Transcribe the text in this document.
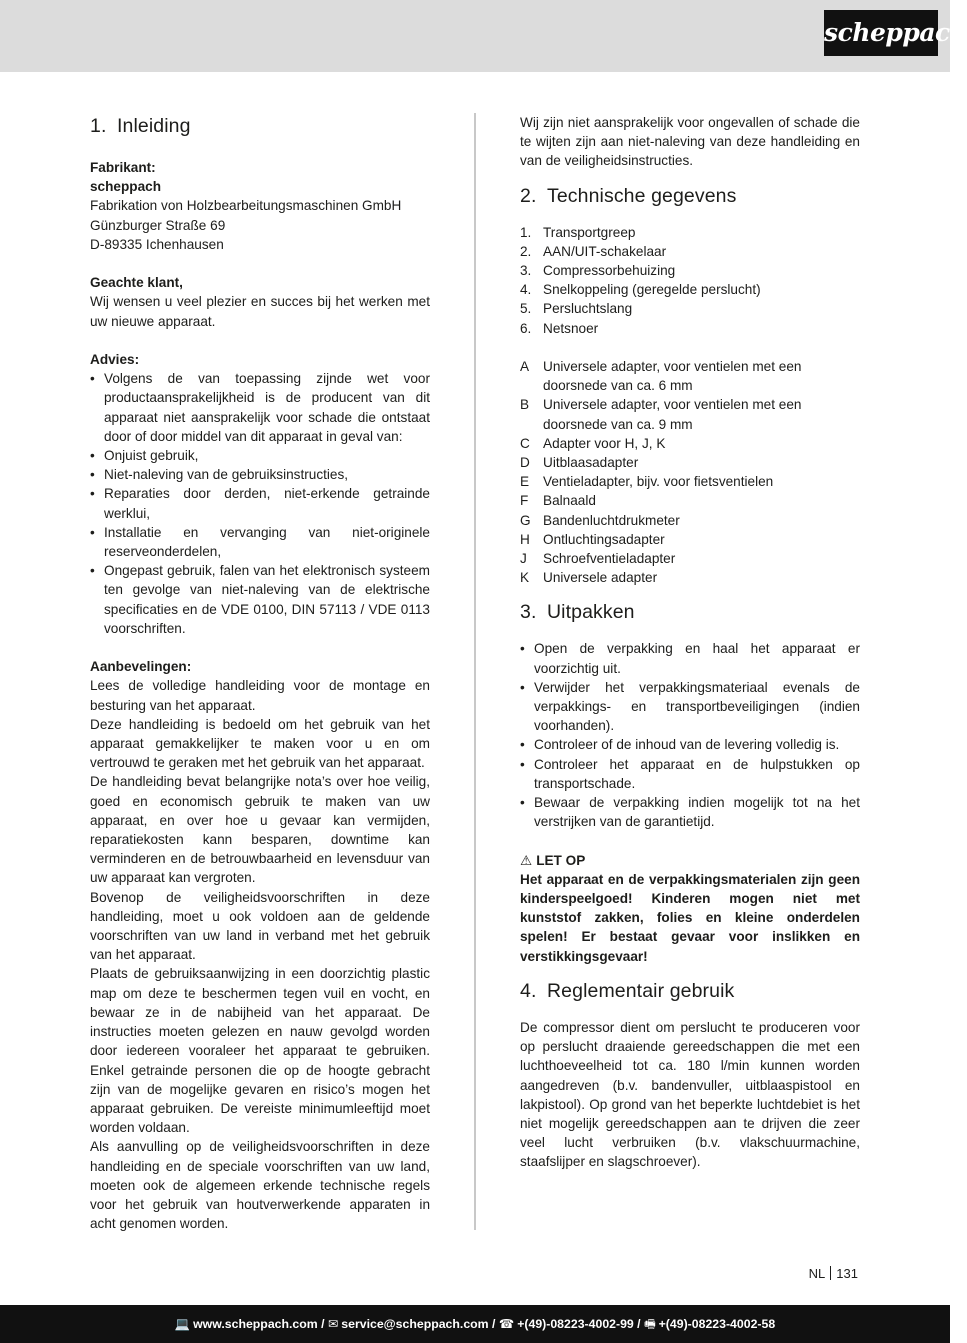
scheppach
1. Inleiding

Fabrikant:

scheppach

Fabrikation von Holzbearbeitungsmaschinen GmbH

Günzburger Straße 69

D-89335 Ichenhausen

Geachte klant,

Wij wensen u veel plezier en succes bij het werken met uw nieuwe apparaat.

Advies:

• Volgens de van toepassing zijnde wet voor productaansprakelijkheid is de producent van dit apparaat niet aansprakelijk voor schade die ontstaat door of door middel van dit apparaat in geval van:
• Onjuist gebruik,
• Niet-naleving van de gebruiksinstructies,
• Reparaties door derden, niet-erkende getrainde werklui,
• Installatie en vervanging van niet-originele reserveonderdelen,
• Ongepast gebruik, falen van het elektronisch systeem ten gevolge van niet-naleving van de elektrische specificaties en de VDE 0100, DIN 57113 / VDE 0113 voorschriften.

Aanbevelingen:

Lees de volledige handleiding voor de montage en besturing van het apparaat.

Deze handleiding is bedoeld om het gebruik van het apparaat gemakkelijker te maken voor u en om vertrouwd te geraken met het gebruik van het apparaat.

De handleiding bevat belangrijke nota’s over hoe veilig, goed en economisch gebruik te maken van uw apparaat, en over hoe u gevaar kan vermijden, reparatiekosten kann besparen, downtime kan verminderen en de betrouwbaarheid en levensduur van uw apparaat kan vergroten.

Bovenop de veiligheidsvoorschriften in deze handleiding, moet u ook voldoen aan de geldende voorschriften van uw land in verband met het gebruik van het apparaat.

Plaats de gebruiksaanwijzing in een doorzichtig plastic map om deze te beschermen tegen vuil en vocht, en bewaar ze in de nabijheid van het apparaat. De instructies moeten gelezen en nauw gevolgd worden door iedereen vooraleer het apparaat te gebruiken. Enkel getrainde personen die op de hoogte gebracht zijn van de mogelijke gevaren en risico’s mogen het apparaat gebruiken. De vereiste minimumleeftijd moet worden voldaan.

Als aanvulling op de veiligheidsvoorschriften in deze handleiding en de speciale voorschriften van uw land, moeten ook de algemeen erkende technische regels voor het gebruik van houtverwerkende apparaten in acht genomen worden.

Wij zijn niet aansprakelijk voor ongevallen of schade die te wijten zijn aan niet-naleving van deze handleiding en van de veiligheidsinstructies.

2. Technische gegevens
1. Transportgreep
2. AAN/UIT-schakelaar
3. Compressorbehuizing
4. Snelkoppeling (geregelde perslucht)
5. Persluchtslang
6. Netsnoer
A Universele adapter, voor ventielen met een doorsnede van ca. 6 mm
B Universele adapter, voor ventielen met een doorsnede van ca. 9 mm
C Adapter voor H, J, K
D Uitblaasadapter
E Ventieladapter, bijv. voor fietsventielen
F Balnaald
G Bandenluchtdrukmeter
H Ontluchtingsadapter
J Schroefventieladapter
K Universele adapter
3. Uitpakken
• Open de verpakking en haal het apparaat er voorzichtig uit.
• Verwijder het verpakkingsmateriaal evenals de verpakkings- en transportbeveiligingen (indien voorhanden).
• Controleer of de inhoud van de levering volledig is.
• Controleer het apparaat en de hulpstukken op transportschade.
• Bewaar de verpakking indien mogelijk tot na het verstrijken van de garantietijd.

⚠ LET OP

Het apparaat en de verpakkingsmaterialen zijn geen kinderspeelgoed! Kinderen mogen niet met kunststof zakken, folies en kleine onderdelen spelen! Er bestaat gevaar voor inslikken en verstikkingsgevaar!

4. Reglementair gebruik

De compressor dient om perslucht te produceren voor op perslucht draaiende gereedschappen die met een luchthoeveelheid tot ca. 180 l/min kunnen worden aangedreven (b.v. bandenvuller, uitblaaspistool en lakpistool). Op grond van het beperkte luchtdebiet is het niet mogelijk gereedschappen aan te drijven die zeer veel lucht verbruiken (b.v. vlakschuurmachine, staafslijper en slagschroever).

NL 131
💻 www.scheppach.com / ✉ service@scheppach.com / ☎ +(49)-08223-4002-99 / 🖷 +(49)-08223-4002-58
